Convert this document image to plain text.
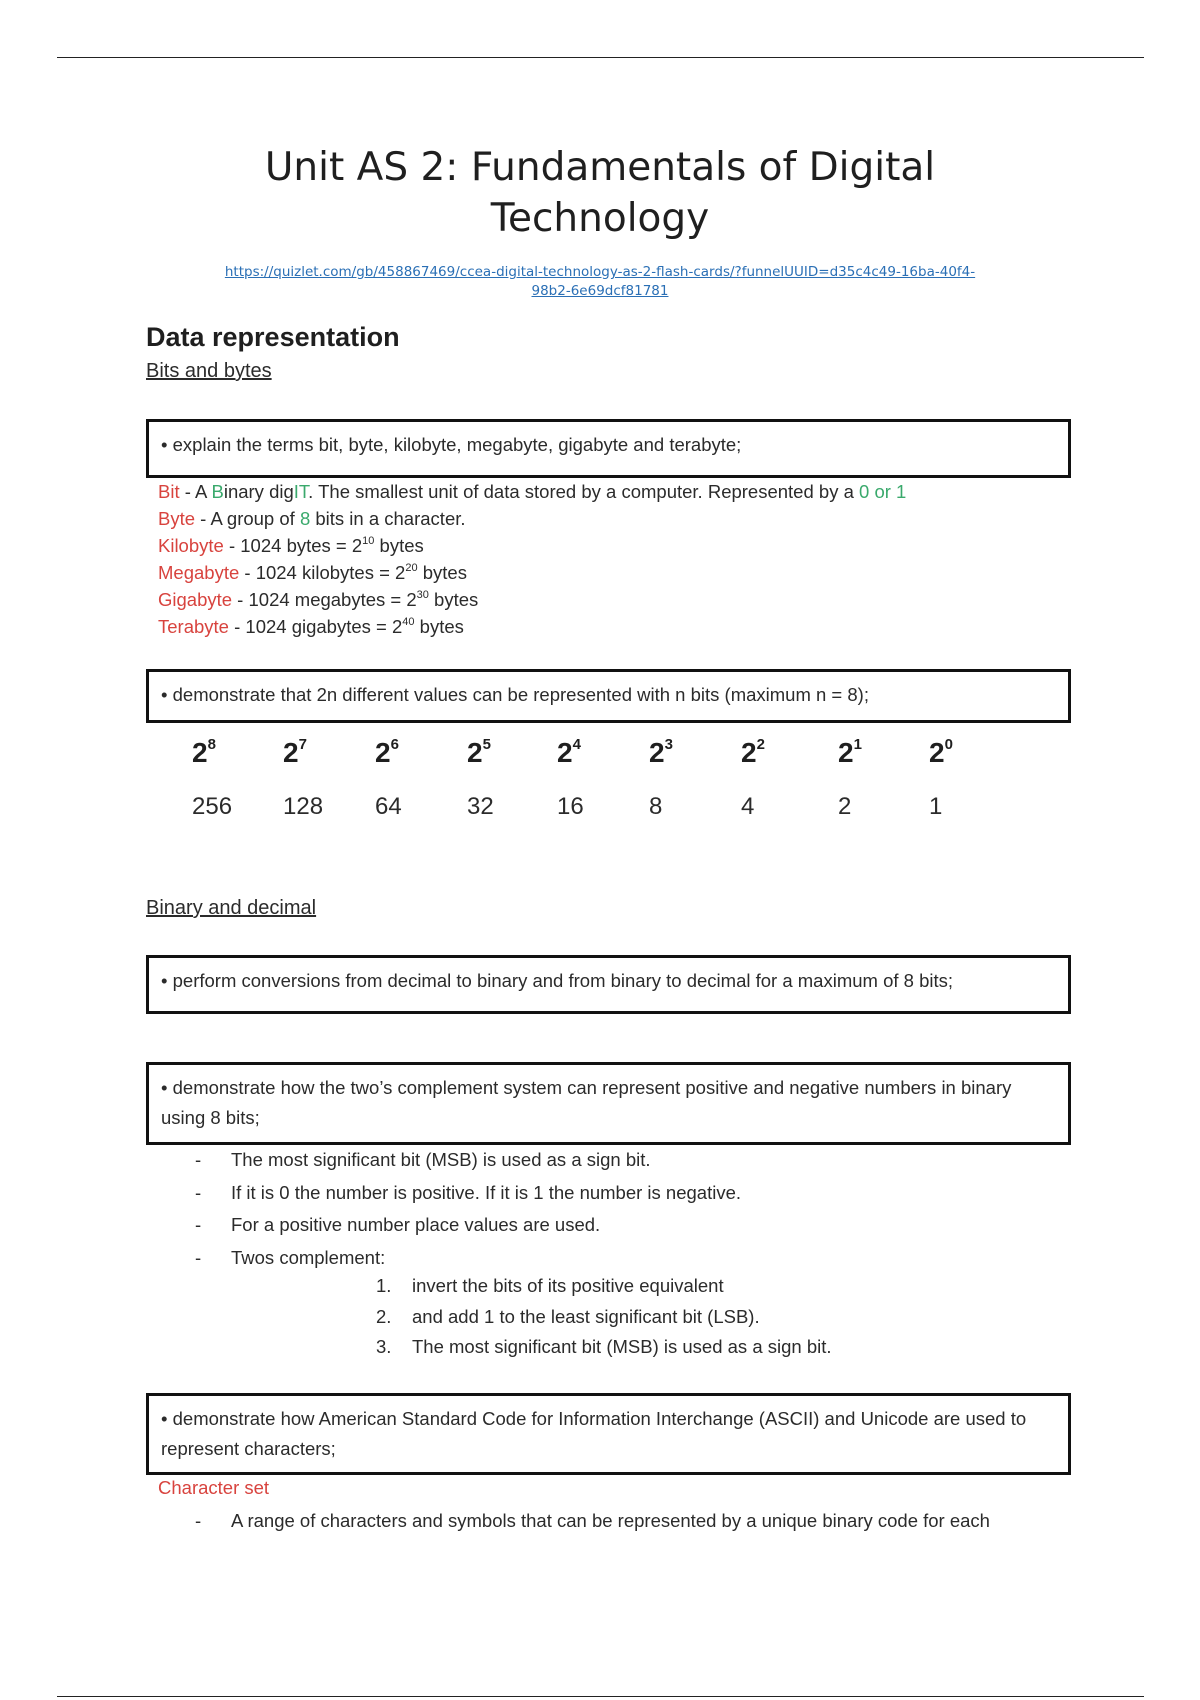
Unit AS 2: Fundamentals of Digital Technology
https://quizlet.com/gb/458867469/ccea-digital-technology-as-2-flash-cards/?funnelUUID=d35c4c49-16ba-40f4-
98b2-6e69dcf81781
Data representation
Bits and bytes
• explain the terms bit, byte, kilobyte, megabyte, gigabyte and terabyte;
Bit - A Binary digIT. The smallest unit of data stored by a computer. Represented by a 0 or 1
Byte - A group of 8 bits in a character.
Kilobyte - 1024 bytes = $2^{10}$ bytes
Megabyte - 1024 kilobytes = $2^{20}$ bytes
Gigabyte - 1024 megabytes = $2^{30}$ bytes
Terabyte - 1024 gigabytes = $2^{40}$ bytes
• demonstrate that 2n different values can be represented with n bits (maximum n = 8);
$2^8$
256
$2^7$
128
$2^6$
64
$2^5$
32
$2^4$
16
$2^3$
8
$2^2$
4
$2^1$
2
$2^0$
1
Binary and decimal
• perform conversions from decimal to binary and from binary to decimal for a maximum of 8 bits;
• demonstrate how the two’s complement system can represent positive and negative numbers in binary using 8 bits;
- The most significant bit (MSB) is used as a sign bit.
- If it is 0 the number is positive. If it is 1 the number is negative.
- For a positive number place values are used.
- Twos complement:
1. invert the bits of its positive equivalent
2. and add 1 to the least significant bit (LSB).
3. The most significant bit (MSB) is used as a sign bit.
• demonstrate how American Standard Code for Information Interchange (ASCII) and Unicode are used to represent characters;
Character set
- A range of characters and symbols that can be represented by a unique binary code for each
